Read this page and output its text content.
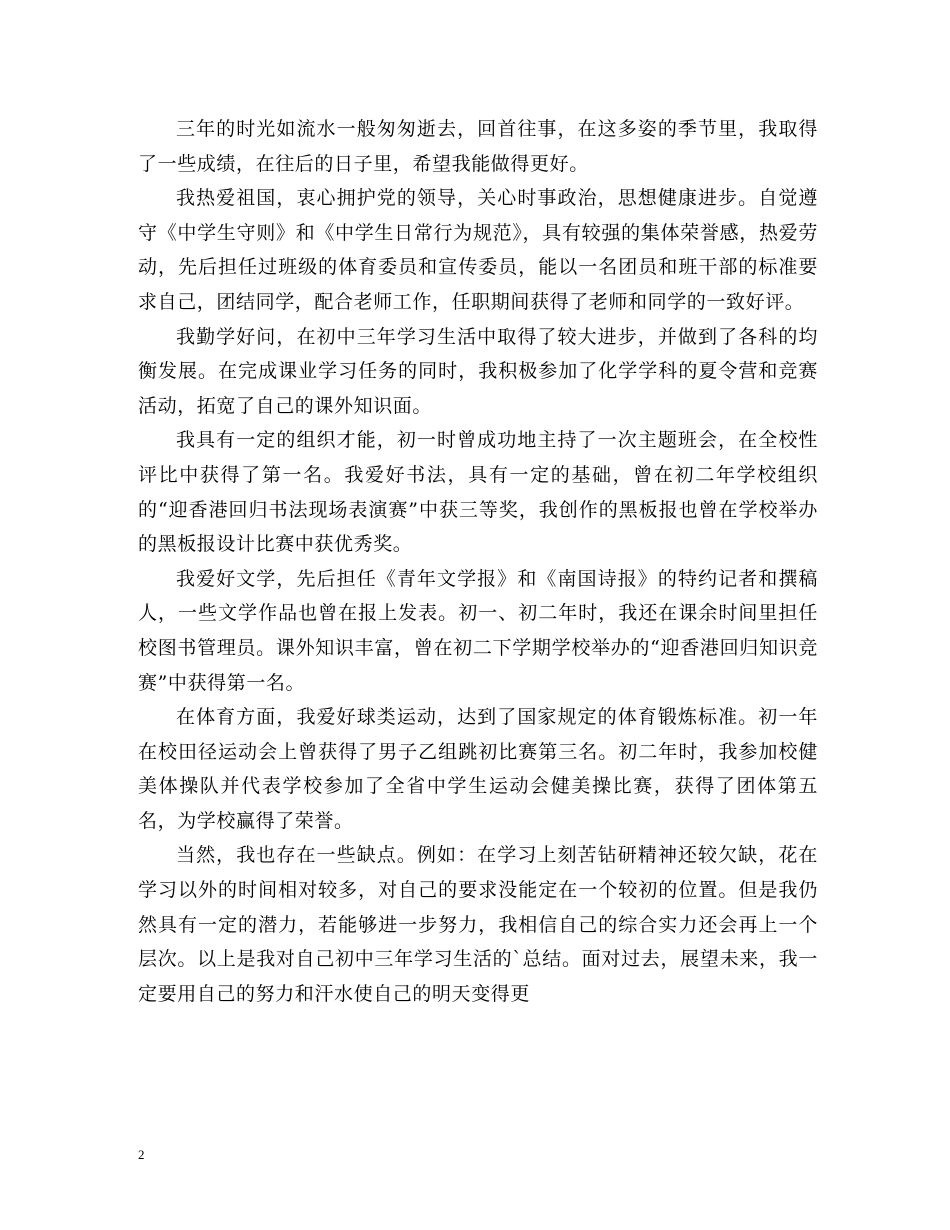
三年的时光如流水一般匆匆逝去，回首往事，在这多姿的季节里，我取得了一些成绩，在往后的日子里，希望我能做得更好。

我热爱祖国，衷心拥护党的领导，关心时事政治，思想健康进步。自觉遵守《中学生守则》和《中学生日常行为规范》，具有较强的集体荣誉感，热爱劳动，先后担任过班级的体育委员和宣传委员，能以一名团员和班干部的标准要求自己，团结同学，配合老师工作，任职期间获得了老师和同学的一致好评。

我勤学好问，在初中三年学习生活中取得了较大进步，并做到了各科的均衡发展。在完成课业学习任务的同时，我积极参加了化学学科的夏令营和竞赛活动，拓宽了自己的课外知识面。

我具有一定的组织才能，初一时曾成功地主持了一次主题班会，在全校性评比中获得了第一名。我爱好书法，具有一定的基础，曾在初二年学校组织的“迎香港回归书法现场表演赛”中获三等奖，我创作的黑板报也曾在学校举办的黑板报设计比赛中获优秀奖。

我爱好文学，先后担任《青年文学报》和《南国诗报》的特约记者和撰稿人，一些文学作品也曾在报上发表。初一、初二年时，我还在课余时间里担任校图书管理员。课外知识丰富，曾在初二下学期学校举办的“迎香港回归知识竞赛”中获得第一名。

在体育方面，我爱好球类运动，达到了国家规定的体育锻炼标准。初一年在校田径运动会上曾获得了男子乙组跳初比赛第三名。初二年时，我参加校健美体操队并代表学校参加了全省中学生运动会健美操比赛，获得了团体第五名，为学校赢得了荣誉。

当然，我也存在一些缺点。例如：在学习上刻苦钻研精神还较欠缺，花在学习以外的时间相对较多，对自己的要求没能定在一个较初的位置。但是我仍然具有一定的潜力，若能够进一步努力，我相信自己的综合实力还会再上一个层次。以上是我对自己初中三年学习生活的`总结。面对过去，展望未来，我一定要用自己的努力和汗水使自己的明天变得更

2
